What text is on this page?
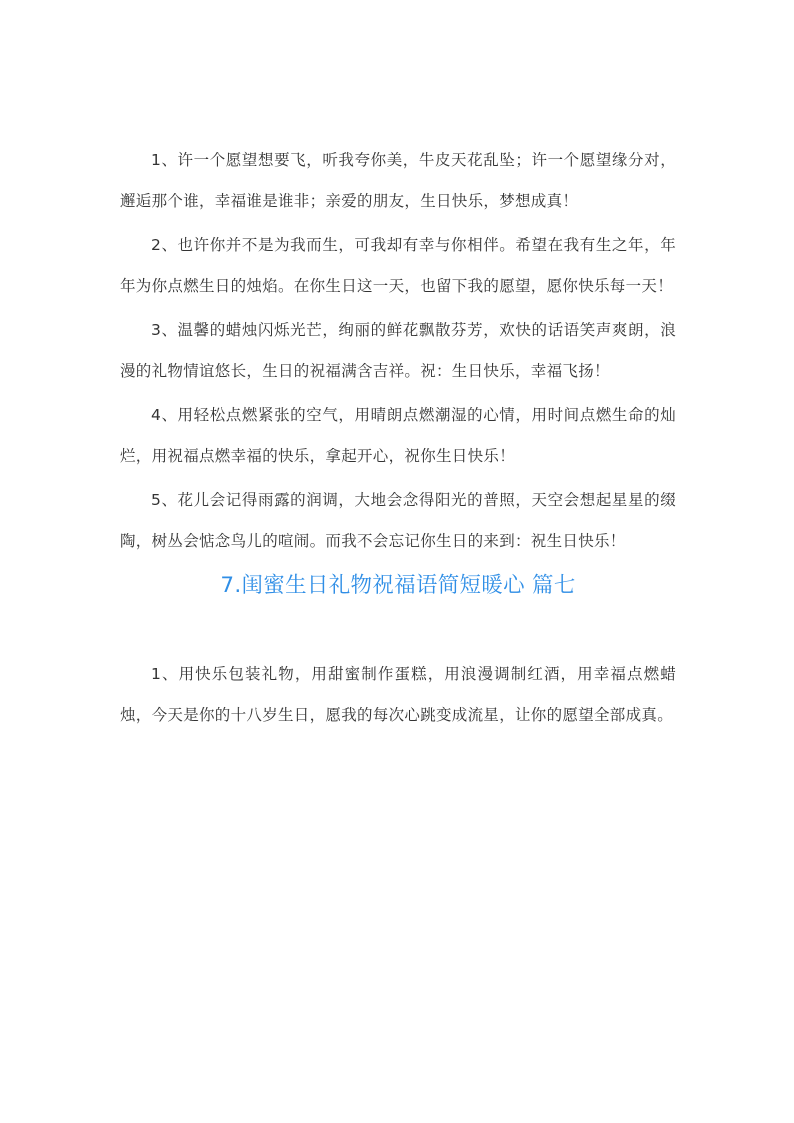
1、许一个愿望想要飞，听我夸你美，牛皮天花乱坠；许一个愿望缘分对，邂逅那个谁，幸福谁是谁非；亲爱的朋友，生日快乐，梦想成真！

2、也许你并不是为我而生，可我却有幸与你相伴。希望在我有生之年，年年为你点燃生日的烛焰。在你生日这一天，也留下我的愿望，愿你快乐每一天！

3、温馨的蜡烛闪烁光芒，绚丽的鲜花飘散芬芳，欢快的话语笑声爽朗，浪漫的礼物情谊悠长，生日的祝福满含吉祥。祝：生日快乐，幸福飞扬！

4、用轻松点燃紧张的空气，用晴朗点燃潮湿的心情，用时间点燃生命的灿烂，用祝福点燃幸福的快乐，拿起开心，祝你生日快乐！

5、花儿会记得雨露的润调，大地会念得阳光的普照，天空会想起星星的缀陶，树丛会惦念鸟儿的喧闹。而我不会忘记你生日的来到：祝生日快乐！

7.闺蜜生日礼物祝福语简短暖心 篇七

1、用快乐包装礼物，用甜蜜制作蛋糕，用浪漫调制红酒，用幸福点燃蜡烛，今天是你的十八岁生日，愿我的每次心跳变成流星，让你的愿望全部成真。
